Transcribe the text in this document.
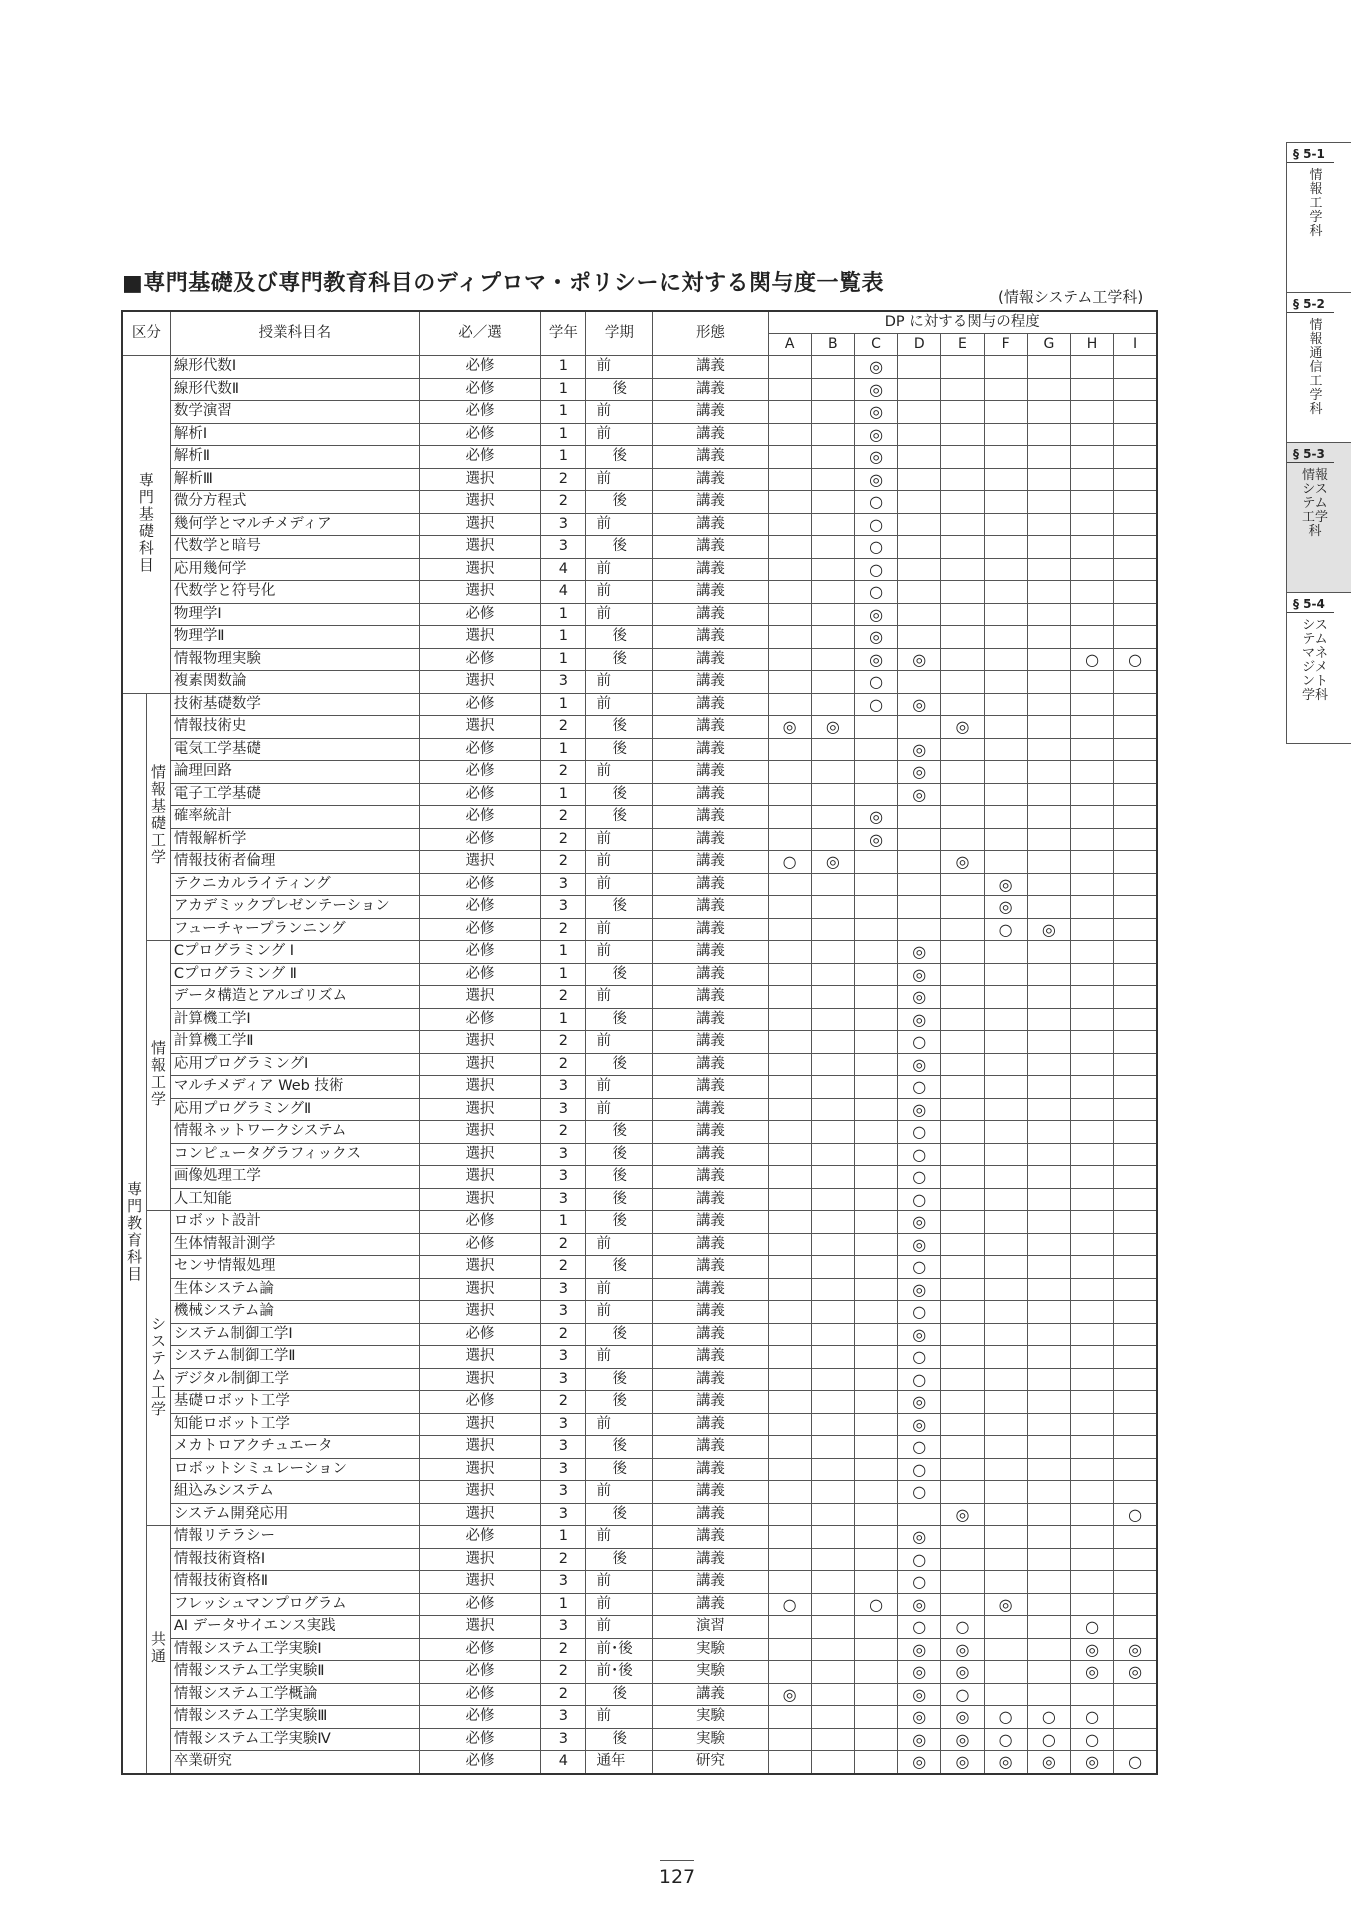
■専門基礎及び専門教育科目のディプロマ・ポリシーに対する関与度一覧表
(情報システム工学科)
区分		授業科目名	必／選	学年	学期	形態	DP に対する関与の程度								
							A	B	C	D	E	F	G	H	I
専門基礎科目		線形代数Ⅰ	必修	1	前	講義			◎						
		線形代数Ⅱ	必修	1	後	講義			◎						
		数学演習	必修	1	前	講義			◎						
		解析Ⅰ	必修	1	前	講義			◎						
		解析Ⅱ	必修	1	後	講義			◎						
		解析Ⅲ	選択	2	前	講義			◎						
		微分方程式	選択	2	後	講義			○						
		幾何学とマルチメディア	選択	3	前	講義			○						
		代数学と暗号	選択	3	後	講義			○						
		応用幾何学	選択	4	前	講義			○						
		代数学と符号化	選択	4	前	講義			○						
		物理学Ⅰ	必修	1	前	講義			◎						
		物理学Ⅱ	選択	1	後	講義			◎						
		情報物理実験	必修	1	後	講義			◎	◎				○	○
		複素関数論	選択	3	前	講義			○						
専門教育科目	情報基礎工学	技術基礎数学	必修	1	前	講義			○	◎					
		情報技術史	選択	2	後	講義	◎	◎			◎				
		電気工学基礎	必修	1	後	講義				◎					
		論理回路	必修	2	前	講義				◎					
		電子工学基礎	必修	1	後	講義				◎					
		確率統計	必修	2	後	講義			◎						
		情報解析学	必修	2	前	講義			◎						
		情報技術者倫理	選択	2	前	講義	○	◎			◎				
		テクニカルライティング	必修	3	前	講義						◎			
		アカデミックプレゼンテーション	必修	3	後	講義						◎			
		フューチャープランニング	必修	2	前	講義						○	◎		
	情報工学	Cプログラミング Ⅰ	必修	1	前	講義				◎					
		Cプログラミング Ⅱ	必修	1	後	講義				◎					
		データ構造とアルゴリズム	選択	2	前	講義				◎					
		計算機工学Ⅰ	必修	1	後	講義				◎					
		計算機工学Ⅱ	選択	2	前	講義				○					
		応用プログラミングⅠ	選択	2	後	講義				◎					
		マルチメディア Web 技術	選択	3	前	講義				○					
		応用プログラミングⅡ	選択	3	前	講義				◎					
		情報ネットワークシステム	選択	2	後	講義				○					
		コンピュータグラフィックス	選択	3	後	講義				○					
		画像処理工学	選択	3	後	講義				○					
		人工知能	選択	3	後	講義				○					
	システム工学	ロボット設計	必修	1	後	講義				◎					
		生体情報計測学	必修	2	前	講義				◎					
		センサ情報処理	選択	2	後	講義				○					
		生体システム論	選択	3	前	講義				◎					
		機械システム論	選択	3	前	講義				○					
		システム制御工学Ⅰ	必修	2	後	講義				◎					
		システム制御工学Ⅱ	選択	3	前	講義				○					
		デジタル制御工学	選択	3	後	講義				○					
		基礎ロボット工学	必修	2	後	講義				◎					
		知能ロボット工学	選択	3	前	講義				◎					
		メカトロアクチュエータ	選択	3	後	講義				○					
		ロボットシミュレーション	選択	3	後	講義				○					
		組込みシステム	選択	3	前	講義				○					
		システム開発応用	選択	3	後	講義					◎				○
	共通	情報リテラシー	必修	1	前	講義				◎					
		情報技術資格Ⅰ	選択	2	後	講義				○					
		情報技術資格Ⅱ	選択	3	前	講義				○					
		フレッシュマンプログラム	必修	1	前	講義	○		○	◎		◎			
		AI データサイエンス実践	選択	3	前	演習				○	○			○	
		情報システム工学実験Ⅰ	必修	2	前･後	実験				◎	◎			◎	◎
		情報システム工学実験Ⅱ	必修	2	前･後	実験				◎	◎			◎	◎
		情報システム工学概論	必修	2	後	講義	◎			◎	○				
		情報システム工学実験Ⅲ	必修	3	前	実験				◎	◎	○	○	○	
		情報システム工学実験Ⅳ	必修	3	後	実験				◎	◎	○	○	○	
		卒業研究	必修	4	通年	研究				◎	◎	◎	◎	◎	○
127
§ 5-1
情報工学科
§ 5-2
情報通信工学科
§ 5-3
情報システム工学科
§ 5-4
システムマネジメント学科
